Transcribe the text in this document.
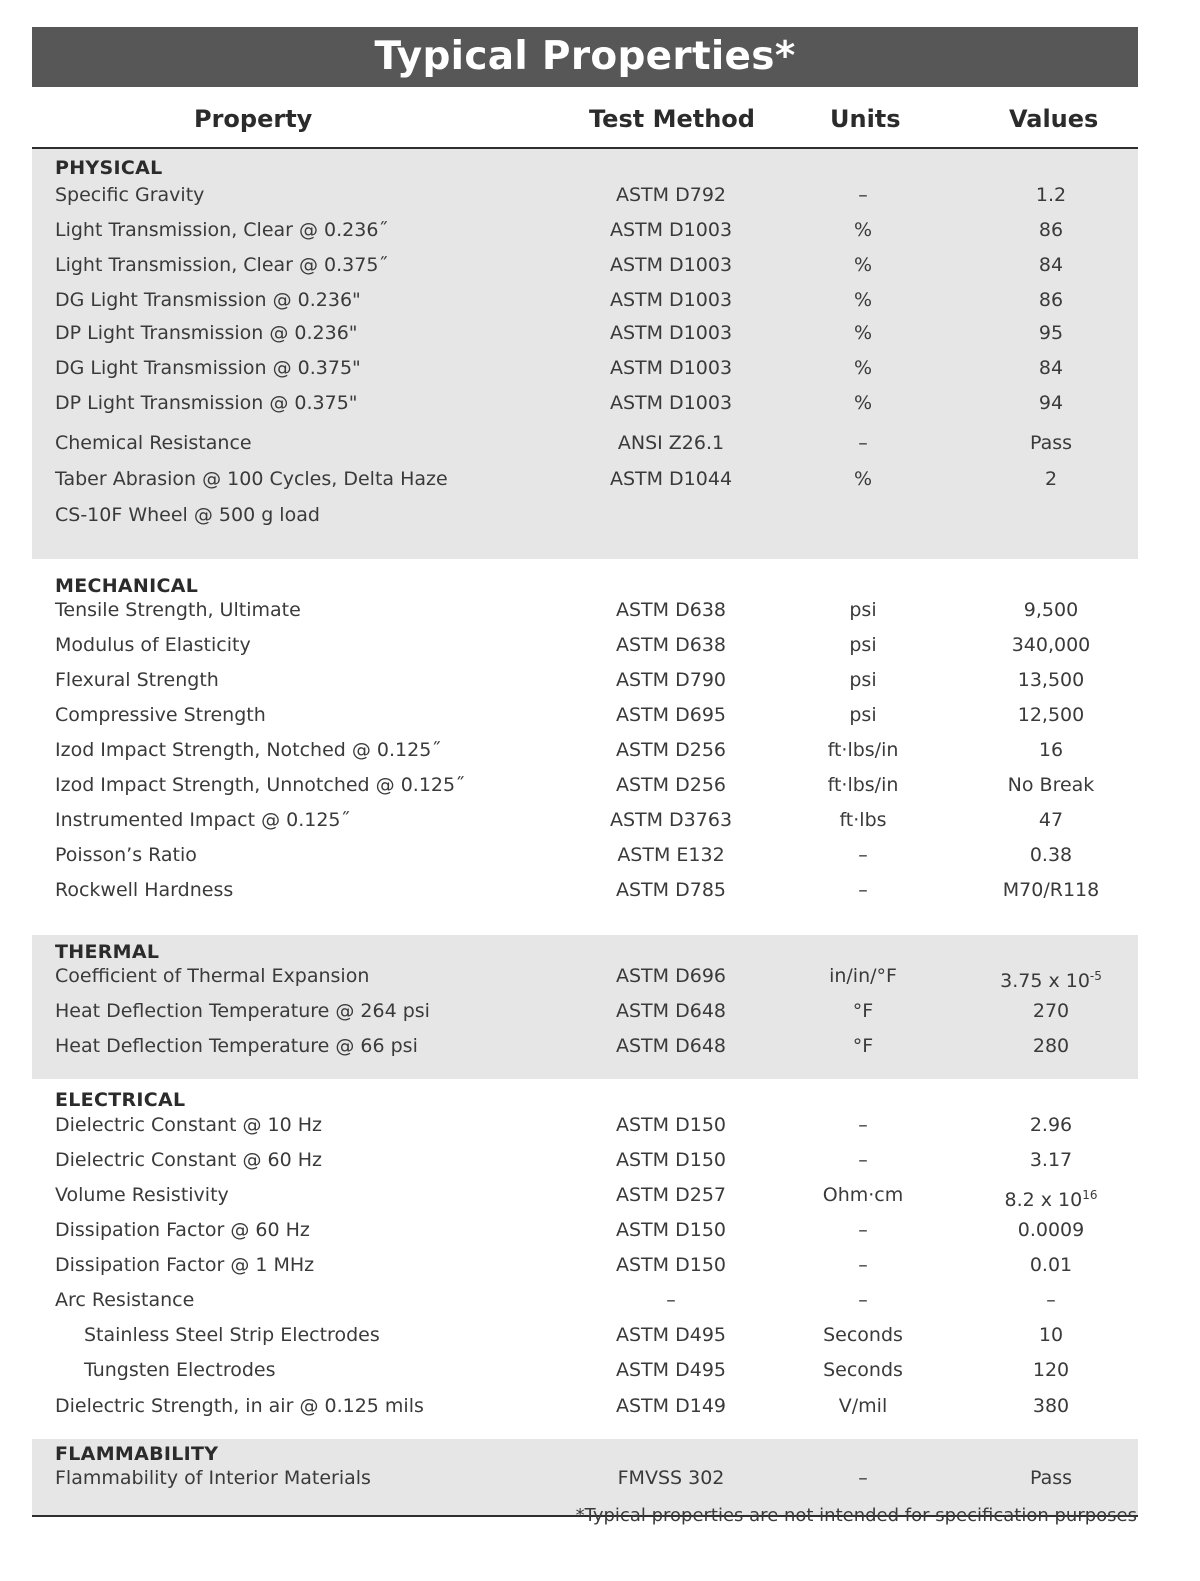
Typical Properties*
Property	Test Method	Units	Values
PHYSICAL
Specific Gravity	ASTM D792	–	1.2
Light Transmission, Clear @ 0.236˝	ASTM D1003	%	86
Light Transmission, Clear @ 0.375˝	ASTM D1003	%	84
DG Light Transmission @ 0.236"	ASTM D1003	%	86
DP Light Transmission @ 0.236"	ASTM D1003	%	95
DG Light Transmission @ 0.375"	ASTM D1003	%	84
DP Light Transmission @ 0.375"	ASTM D1003	%	94
Chemical Resistance	ANSI Z26.1	–	Pass
Taber Abrasion @ 100 Cycles, Delta Haze	ASTM D1044	%	2
CS-10F Wheel @ 500 g load
MECHANICAL
Tensile Strength, Ultimate	ASTM D638	psi	9,500
Modulus of Elasticity	ASTM D638	psi	340,000
Flexural Strength	ASTM D790	psi	13,500
Compressive Strength	ASTM D695	psi	12,500
Izod Impact Strength, Notched @ 0.125˝	ASTM D256	ft·lbs/in	16
Izod Impact Strength, Unnotched @ 0.125˝	ASTM D256	ft·lbs/in	No Break
Instrumented Impact @ 0.125˝	ASTM D3763	ft·lbs	47
Poisson’s Ratio	ASTM E132	–	0.38
Rockwell Hardness	ASTM D785	–	M70/R118
THERMAL
Coefficient of Thermal Expansion	ASTM D696	in/in/°F	3.75 x $10^{-5}$
Heat Deflection Temperature @ 264 psi	ASTM D648	°F	270
Heat Deflection Temperature @ 66 psi	ASTM D648	°F	280
ELECTRICAL
Dielectric Constant @ 10 Hz	ASTM D150	–	2.96
Dielectric Constant @ 60 Hz	ASTM D150	–	3.17
Volume Resistivity	ASTM D257	Ohm·cm	8.2 x $10^{16}$
Dissipation Factor @ 60 Hz	ASTM D150	–	0.0009
Dissipation Factor @ 1 MHz	ASTM D150	–	0.01
Arc Resistance	–	–	–
Stainless Steel Strip Electrodes	ASTM D495	Seconds	10
Tungsten Electrodes	ASTM D495	Seconds	120
Dielectric Strength, in air @ 0.125 mils	ASTM D149	V/mil	380
FLAMMABILITY
Flammability of Interior Materials	FMVSS 302	–	Pass
*Typical properties are not intended for specification purposes
